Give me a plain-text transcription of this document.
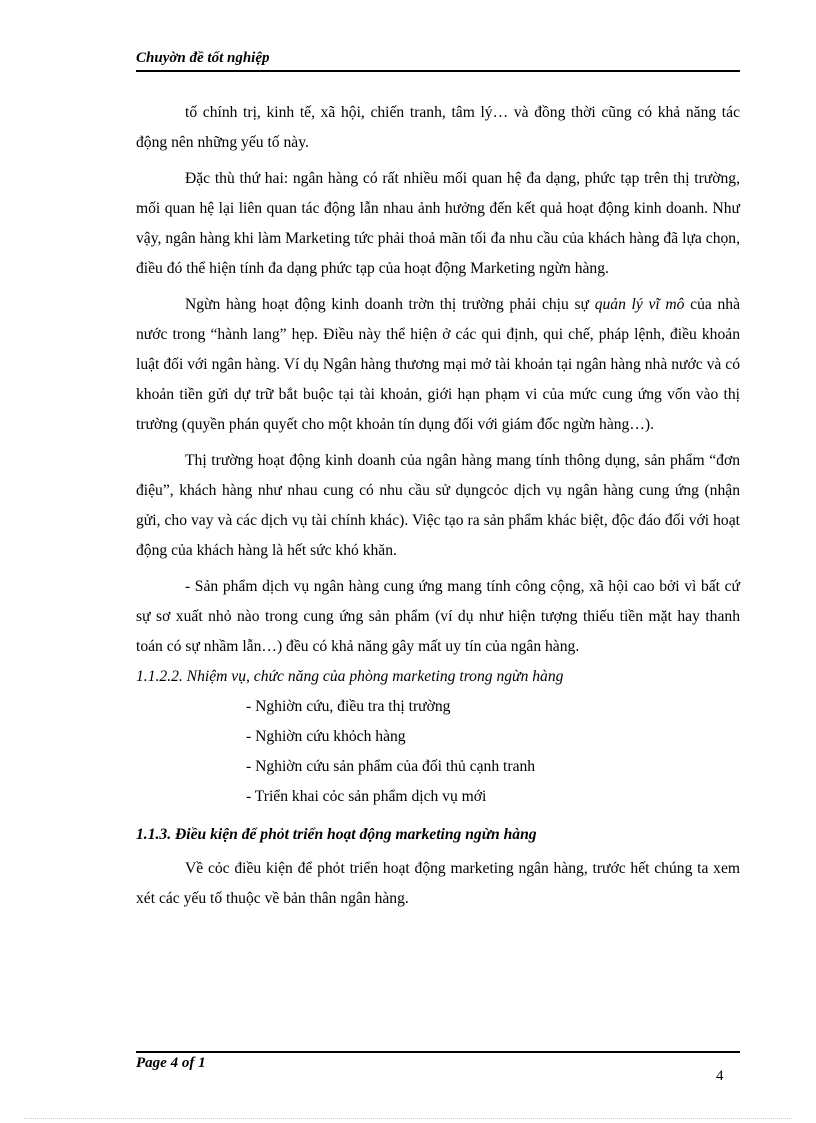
Chuyờn đề tốt nghiệp

tố chính trị, kinh tế, xã hội, chiến tranh, tâm lý… và đồng thời cũng có khả năng tác động nên những yếu tố này.

Đặc thù thứ hai: ngân hàng có rất nhiều mối quan hệ đa dạng, phức tạp trên thị trường, mối quan hệ lại liên quan tác động lẫn nhau ảnh hưởng đến kết quả hoạt động kinh doanh. Như vậy, ngân hàng khi làm Marketing tức phải thoả mãn tối đa nhu cầu của khách hàng đã lựa chọn, điều đó thể hiện tính đa dạng phức tạp của hoạt động Marketing ngừn hàng.

Ngừn hàng hoạt động kinh doanh trờn thị trường phải chịu sự quản lý vĩ mô của nhà nước trong “hành lang” hẹp. Điều này thể hiện ở các qui định, qui chế, pháp lệnh, điều khoản luật đối với ngân hàng. Ví dụ Ngân hàng thương mại mở tài khoản tại ngân hàng nhà nước và có khoản tiền gửi dự trữ bắt buộc tại tài khoản, giới hạn phạm vi của mức cung ứng vốn vào thị trường (quyền phán quyết cho một khoản tín dụng đối với giám đốc ngừn hàng…).

Thị trường hoạt động kinh doanh của ngân hàng mang tính thông dụng, sản phẩm “đơn điệu”, khách hàng như nhau cung có nhu cầu sử dụngcỏc dịch vụ ngân hàng cung ứng (nhận gửi, cho vay và các dịch vụ tài chính khác). Việc tạo ra sản phẩm khác biệt, độc đáo đối với hoạt động của khách hàng là hết sức khó khăn.

- Sản phẩm dịch vụ ngân hàng cung ứng mang tính công cộng, xã hội cao bởi vì bất cứ sự sơ xuất nhỏ nào trong cung ứng sản phẩm (ví dụ như hiện tượng thiếu tiền mặt hay thanh toán có sự nhầm lẫn…) đều có khả năng gây mất uy tín của ngân hàng.

1.1.2.2. Nhiệm vụ, chức năng của phòng marketing trong ngừn hàng
- Nghiờn cứu, điều tra thị trường
- Nghiờn cứu khỏch hàng
- Nghiờn cứu sản phẩm của đối thủ cạnh tranh
- Triển khai cỏc sản phẩm dịch vụ mới
1.1.3. Điều kiện để phỏt triển hoạt động marketing ngừn hàng

Về cỏc điều kiện để phỏt triển hoạt động marketing ngân hàng, trước hết chúng ta xem xét các yếu tố thuộc về bản thân ngân hàng.

Page 4 of 1
4
